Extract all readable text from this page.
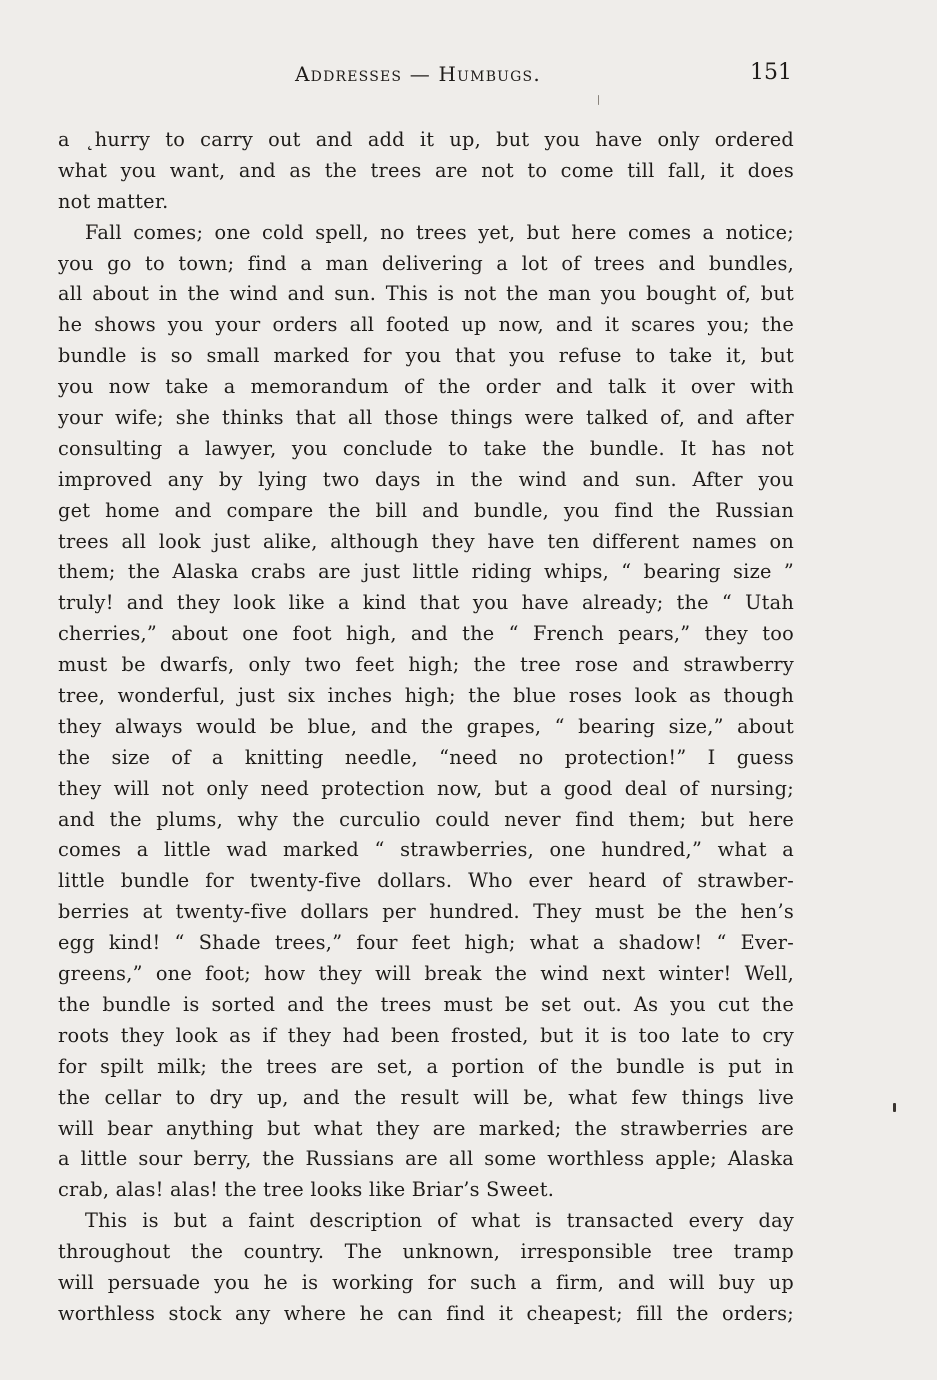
Addresses — Humbugs.	151
a ˛hurry to carry out and add it up, but you have only ordered
what you want, and as the trees are not to come till fall, it does
not matter.
Fall comes; one cold spell, no trees yet, but here comes a notice;
you go to town; find a man delivering a lot of trees and bundles,
all about in the wind and sun. This is not the man you bought of, but
he shows you your orders all footed up now, and it scares you; the
bundle is so small marked for you that you refuse to take it, but
you now take a memorandum of the order and talk it over with
your wife; she thinks that all those things were talked of, and after
consulting a lawyer, you conclude to take the bundle. It has not
improved any by lying two days in the wind and sun. After you
get home and compare the bill and bundle, you find the Russian
trees all look just alike, although they have ten different names on
them; the Alaska crabs are just little riding whips, “ bearing size ”
truly! and they look like a kind that you have already; the “ Utah
cherries,” about one foot high, and the “ French pears,” they too
must be dwarfs, only two feet high; the tree rose and strawberry
tree, wonderful, just six inches high; the blue roses look as though
they always would be blue, and the grapes, “ bearing size,” about
the size of a knitting needle, “need no protection!” I guess
they will not only need protection now, but a good deal of nursing;
and the plums, why the curculio could never find them; but here
comes a little wad marked “ strawberries, one hundred,” what a
little bundle for twenty-five dollars. Who ever heard of strawber-
berries at twenty-five dollars per hundred. They must be the hen’s
egg kind! “ Shade trees,” four feet high; what a shadow! “ Ever-
greens,” one foot; how they will break the wind next winter! Well,
the bundle is sorted and the trees must be set out. As you cut the
roots they look as if they had been frosted, but it is too late to cry
for spilt milk; the trees are set, a portion of the bundle is put in
the cellar to dry up, and the result will be, what few things live
will bear anything but what they are marked; the strawberries are
a little sour berry, the Russians are all some worthless apple; Alaska
crab, alas! alas! the tree looks like Briar’s Sweet.
This is but a faint description of what is transacted every day
throughout the country. The unknown, irresponsible tree tramp
will persuade you he is working for such a firm, and will buy up
worthless stock any where he can find it cheapest; fill the orders;
